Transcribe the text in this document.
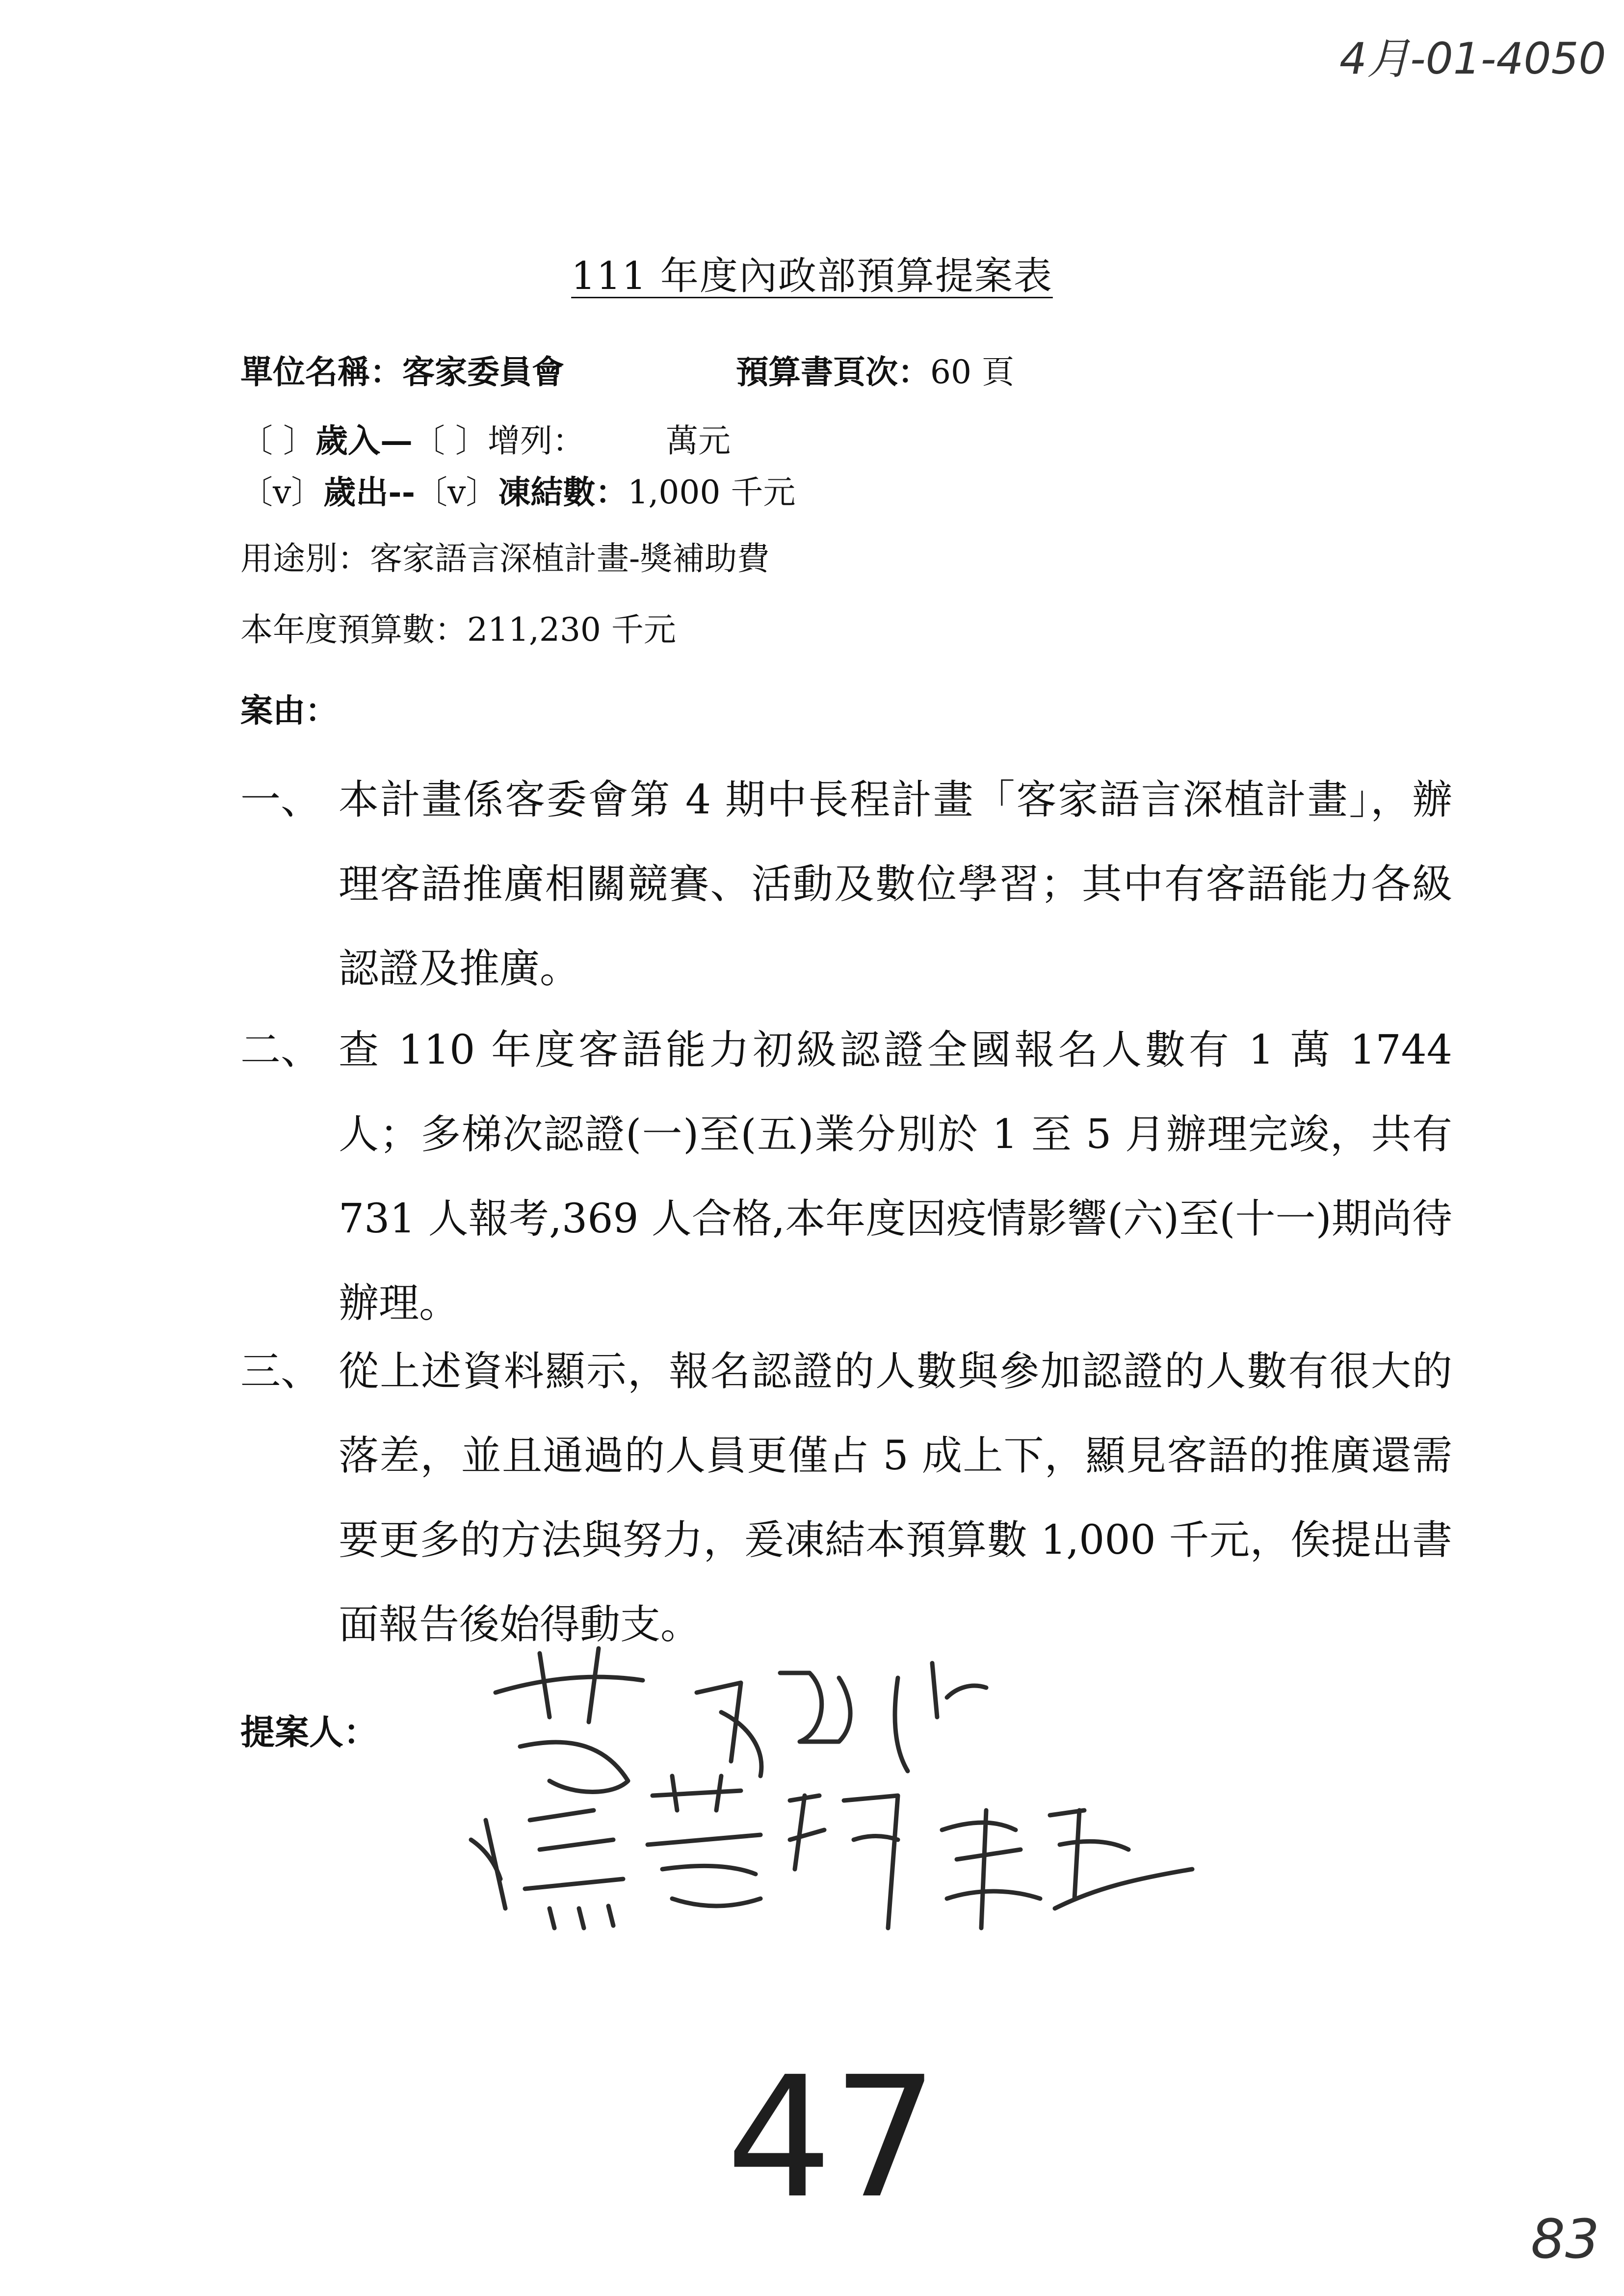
4月-01-4050
111 年度內政部預算提案表
單位名稱：客家委員會	預算書頁次：60 頁
〔 〕歲入—〔 〕增列：　　　萬元
〔v〕歲出--〔v〕凍結數：1,000 千元
用途別：客家語言深植計畫-獎補助費
本年度預算數：211,230 千元
案由：
一、 本計畫係客委會第 4 期中長程計畫「客家語言深植計畫」，辦理客語推廣相關競賽、活動及數位學習；其中有客語能力各級認證及推廣。
二、 查 110 年度客語能力初級認證全國報名人數有 1 萬 1744 人；多梯次認證(一)至(五)業分別於 1 至 5 月辦理完竣，共有 731 人報考,369 人合格,本年度因疫情影響(六)至(十一)期尚待辦理。
三、 從上述資料顯示，報名認證的人數與參加認證的人數有很大的落差，並且通過的人員更僅占 5 成上下，顯見客語的推廣還需要更多的方法與努力，爰凍結本預算數 1,000 千元，俟提出書面報告後始得動支。
提案人：
47
83
